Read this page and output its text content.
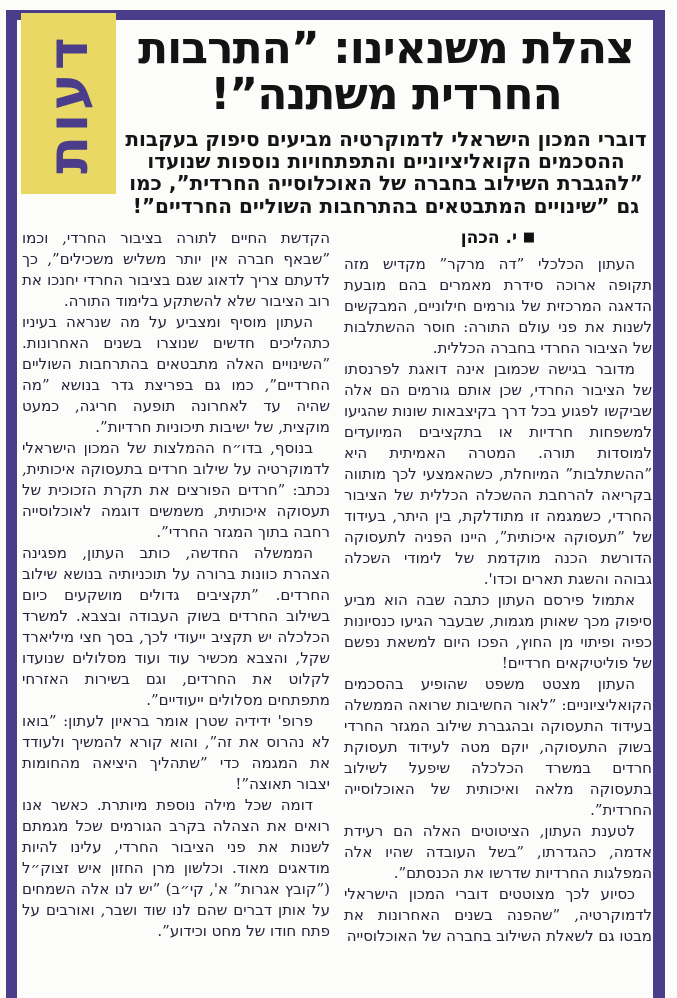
דעות צהלת משנאינו: ”התרבות החרדית משתנה”!
דוברי המכון הישראלי לדמוקרטיה מביעים סיפוק בעקבות ההסכמים הקואליציוניים והתפתחויות נוספות שנועדו ”להגברת השילוב בחברה של האוכלוסייה החרדית”, כמו גם ”שינויים המתבטאים בהתרחבות השוליים החרדיים”!
■ י. הכהן

העתון הכלכלי ”דה מרקר” מקדיש מזה תקופה ארוכה סידרת מאמרים בהם מובעת הדאגה המרכזית של גורמים חילוניים, המבקשים לשנות את פני עולם התורה: חוסר ההשתלבות של הציבור החרדי בחברה הכללית.

מדובר בגישה שכמובן אינה דואגת לפרנסתו של הציבור החרדי, שכן אותם גורמים הם אלה שביקשו לפגוע בכל דרך בקיצבאות שונות שהגיעו למשפחות חרדיות או בתקציבים המיועדים למוסדות תורה. המטרה האמיתית היא ”ההשתלבות” המיוחלת, כשהאמצעי לכך מותווה בקריאה להרחבת ההשכלה הכללית של הציבור החרדי, כשמגמה זו מתודלקת, בין היתר, בעידוד של ”תעסוקה איכותית”, היינו הפניה לתעסוקה הדורשת הכנה מוקדמת של לימודי השכלה גבוהה והשגת תארים וכדו'.

אתמול פירסם העתון כתבה שבה הוא מביע סיפוק מכך שאותן מגמות, שבעבר הגיעו כנסיונות כפיה ופיתוי מן החוץ, הפכו היום למשאת נפשם של פוליטיקאים חרדיים!

העתון מצטט משפט שהופיע בהסכמים הקואליציוניים: ”לאור החשיבות שרואה הממשלה בעידוד התעסוקה ובהגברת שילוב המגזר החרדי בשוק התעסוקה, יוקם מטה לעידוד תעסוקת חרדים במשרד הכלכלה שיפעל לשילוב בתעסוקה מלאה ואיכותית של האוכלוסייה החרדית”.

לטענת העתון, הציטוטים האלה הם רעידת אדמה, כהגדרתו, ”בשל העובדה שהיו אלה המפלגות החרדיות שדרשו את הכנסתם”.

כסיוע לכך מצוטטים דוברי המכון הישראלי לדמוקרטיה, ”שהפנה בשנים האחרונות את מבטו גם לשאלת השילוב בחברה של האוכלוסייה

הקדשת החיים לתורה בציבור החרדי, וכמו ”שבאף חברה אין יותר משליש משכילים”, כך לדעתם צריך לדאוג שגם בציבור החרדי יחנכו את רוב הציבור שלא להשתקע בלימוד התורה.

העתון מוסיף ומצביע על מה שנראה בעיניו כתהליכים חדשים שנוצרו בשנים האחרונות. ”השינויים האלה מתבטאים בהתרחבות השוליים החרדיים”, כמו גם בפריצת גדר בנושא ”מה שהיה עד לאחרונה תופעה חריגה, כמעט מוקצית, של ישיבות תיכוניות חרדיות”.

בנוסף, בדו״ח ההמלצות של המכון הישראלי לדמוקרטיה על שילוב חרדים בתעסוקה איכותית, נכתב: ”חרדים הפורצים את תקרת הזכוכית של תעסוקה איכותית, משמשים דוגמה לאוכלוסייה רחבה בתוך המגזר החרדי”.

הממשלה החדשה, כותב העתון, מפגינה הצהרת כוונות ברורה על תוכניותיה בנושא שילוב החרדים. ”תקציבים גדולים מושקעים כיום בשילוב החרדים בשוק העבודה ובצבא. למשרד הכלכלה יש תקציב ייעודי לכך, בסך חצי מיליארד שקל, והצבא מכשיר עוד ועוד מסלולים שנועדו לקלוט את החרדים, וגם בשירות האזרחי מתפתחים מסלולים ייעודיים”.

פרופ' ידידיה שטרן אומר בראיון לעתון: ”בואו לא נהרוס את זה”, והוא קורא להמשיך ולעודד את המגמה כדי ”שתהליך היציאה מהחומות יצבור תאוצה”!

דומה שכל מילה נוספת מיותרת. כאשר אנו רואים את הצהלה בקרב הגורמים שכל מגמתם לשנות את פני הציבור החרדי, עלינו להיות מודאגים מאוד. וכלשון מרן החזון איש זצוק״ל (”קובץ אגרות” א', קי״ב) ”יש לנו אלה השמחים על אותן דברים שהם לנו שוד ושבר, ואורבים על פתח חודו של מחט וכידוע”.
